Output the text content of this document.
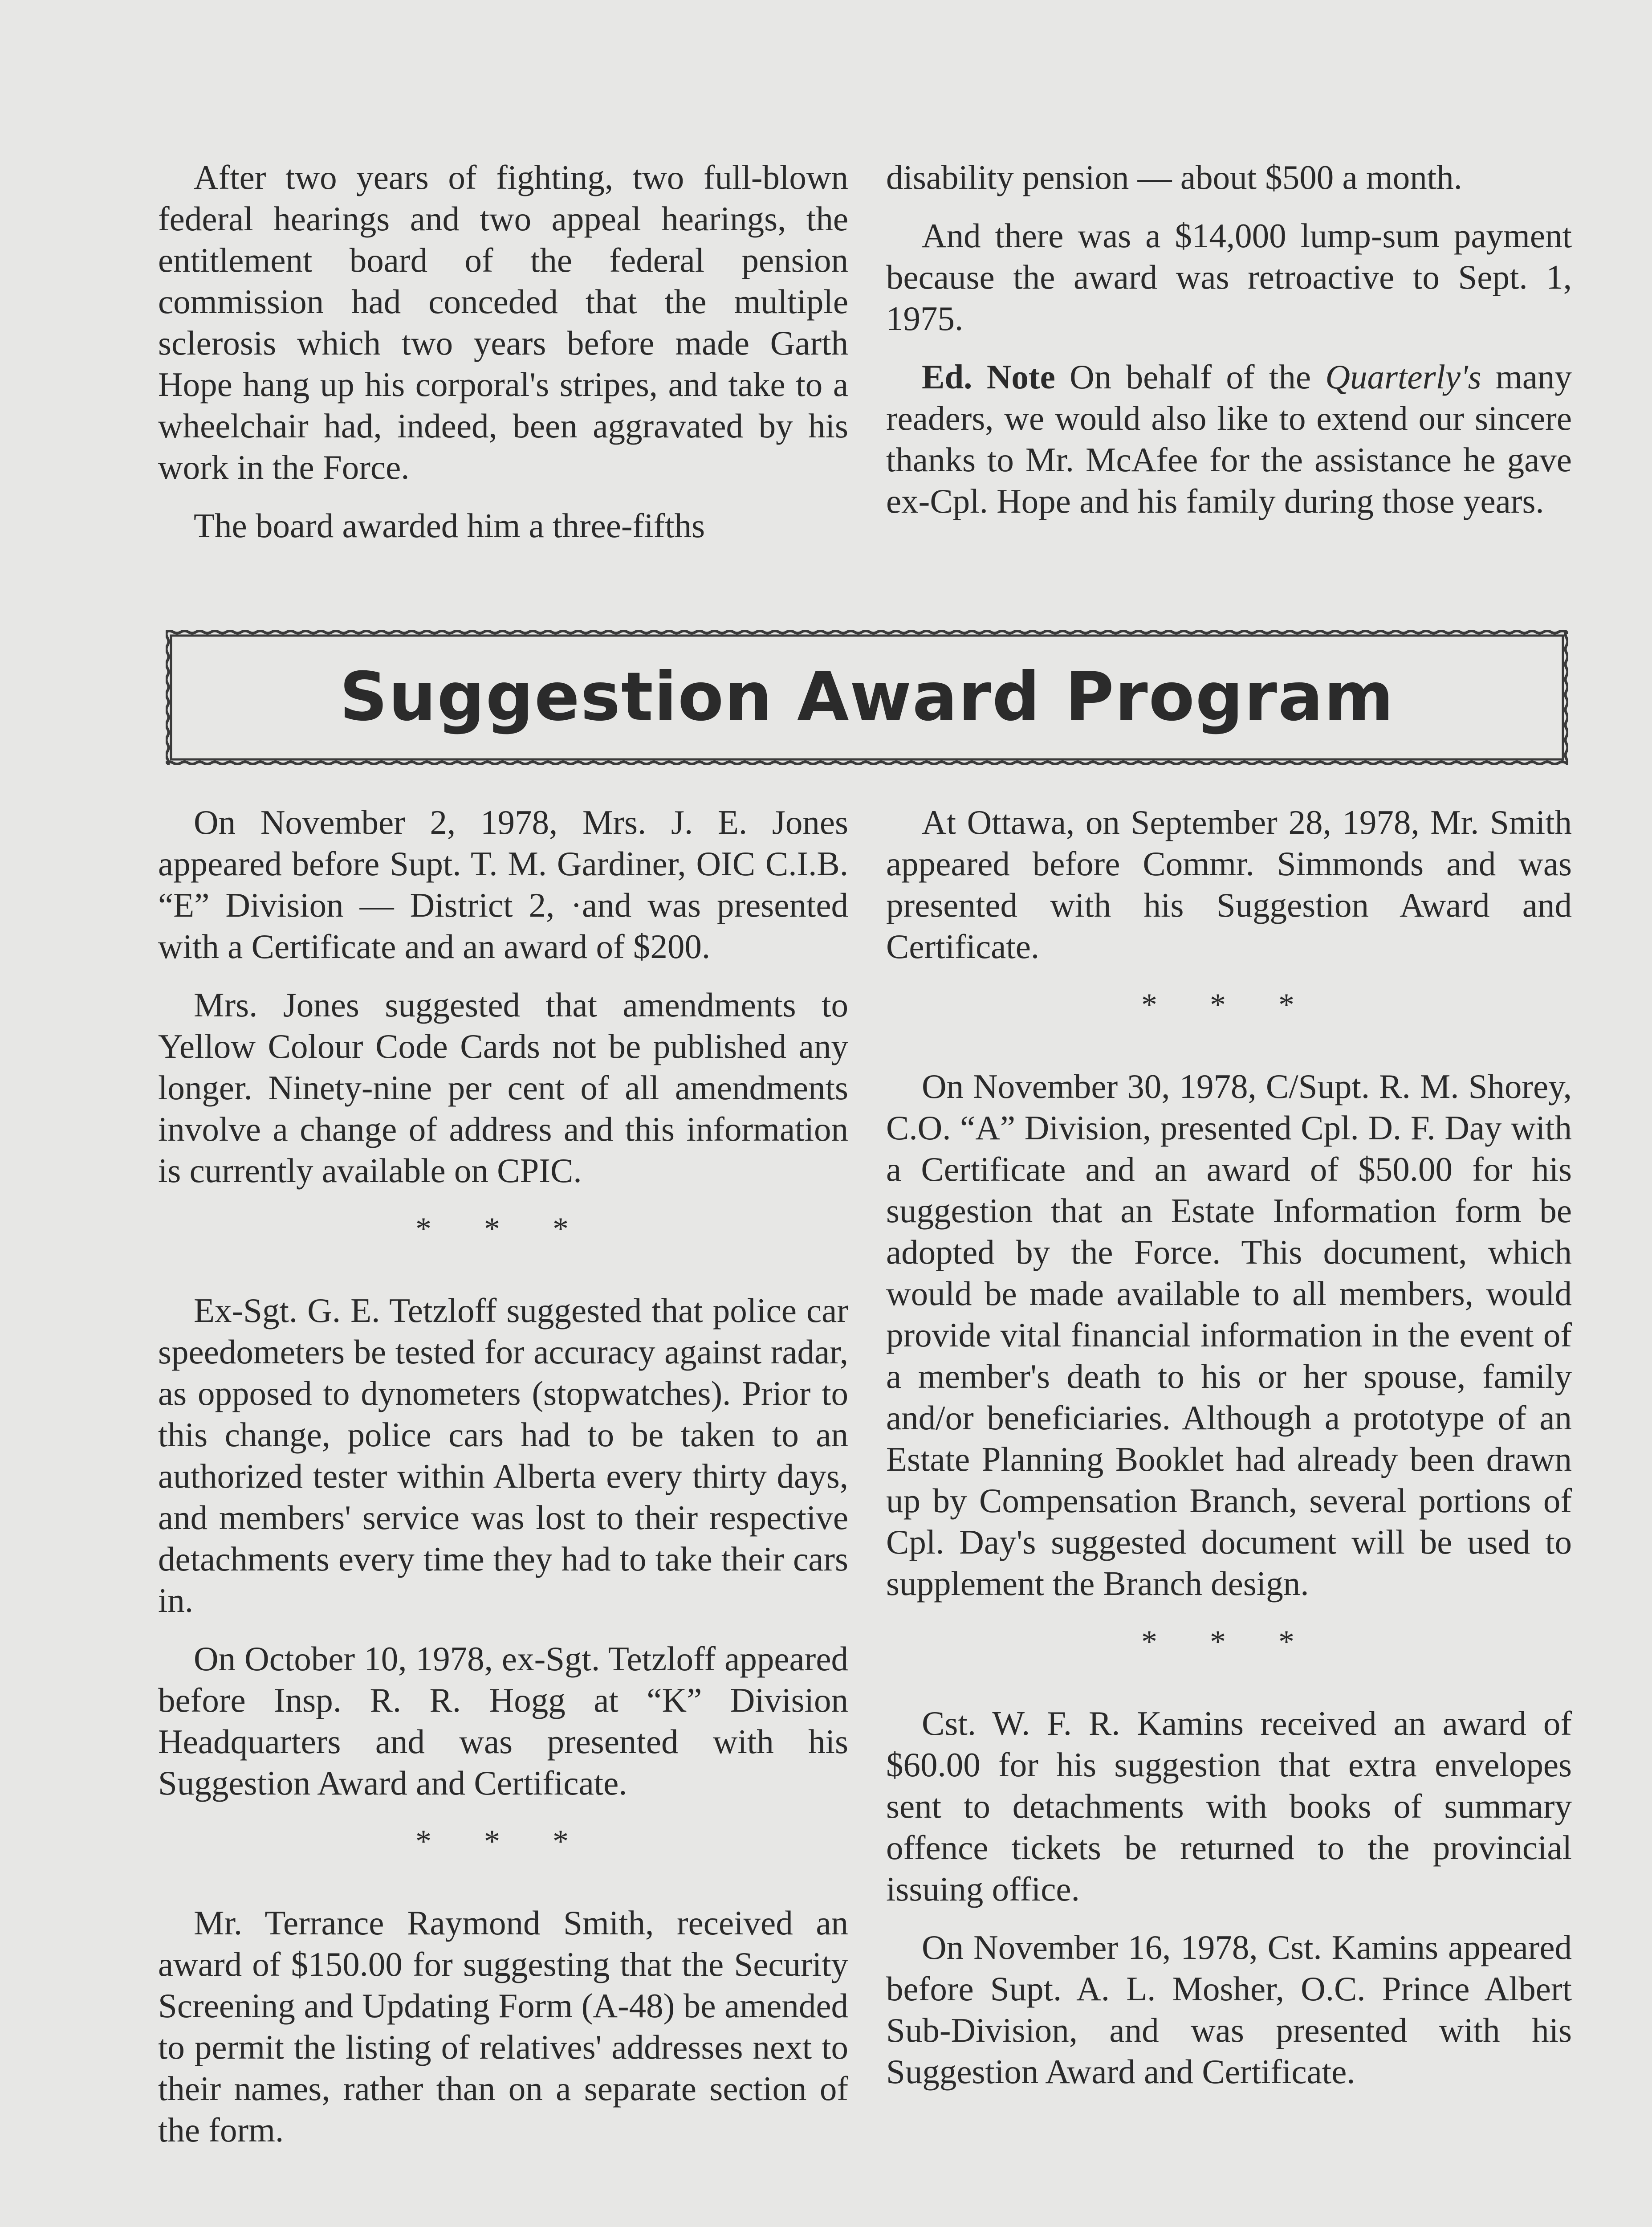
After two years of fighting, two full-blown federal hearings and two appeal hearings, the entitlement board of the federal pension commission had conceded that the multiple sclerosis which two years before made Garth Hope hang up his corporal's stripes, and take to a wheelchair had, indeed, been aggravated by his work in the Force.

The board awarded him a three-fifths

disability pension — about $500 a month.

And there was a $14,000 lump-sum payment because the award was retroactive to Sept. 1, 1975.

Ed. Note On behalf of the Quarterly's many readers, we would also like to extend our sincere thanks to Mr. McAfee for the assistance he gave ex-Cpl. Hope and his family during those years.

Suggestion Award Program

On November 2, 1978, Mrs. J. E. Jones appeared before Supt. T. M. Gardiner, OIC C.I.B. “E” Division — District 2, ·and was presented with a Certificate and an award of $200.

Mrs. Jones suggested that amendments to Yellow Colour Code Cards not be published any longer. Ninety-nine per cent of all amendments involve a change of address and this information is currently available on CPIC.

* * *

Ex-Sgt. G. E. Tetzloff suggested that police car speedometers be tested for accuracy against radar, as opposed to dynometers (stopwatches). Prior to this change, police cars had to be taken to an authorized tester within Alberta every thirty days, and members' service was lost to their respective detachments every time they had to take their cars in.

On October 10, 1978, ex-Sgt. Tetzloff appeared before Insp. R. R. Hogg at “K” Division Headquarters and was presented with his Suggestion Award and Certificate.

* * *

Mr. Terrance Raymond Smith, received an award of $150.00 for suggesting that the Security Screening and Updating Form (A-48) be amended to permit the listing of relatives' addresses next to their names, rather than on a separate section of the form.

At Ottawa, on September 28, 1978, Mr. Smith appeared before Commr. Simmonds and was presented with his Suggestion Award and Certificate.

* * *

On November 30, 1978, C/Supt. R. M. Shorey, C.O. “A” Division, presented Cpl. D. F. Day with a Certificate and an award of $50.00 for his suggestion that an Estate Information form be adopted by the Force. This document, which would be made available to all members, would provide vital financial information in the event of a member's death to his or her spouse, family and/or beneficiaries. Although a prototype of an Estate Planning Booklet had already been drawn up by Compensation Branch, several portions of Cpl. Day's suggested document will be used to supplement the Branch design.

* * *

Cst. W. F. R. Kamins received an award of $60.00 for his suggestion that extra envelopes sent to detachments with books of summary offence tickets be returned to the provincial issuing office.

On November 16, 1978, Cst. Kamins appeared before Supt. A. L. Mosher, O.C. Prince Albert Sub-Division, and was presented with his Suggestion Award and Certificate.
